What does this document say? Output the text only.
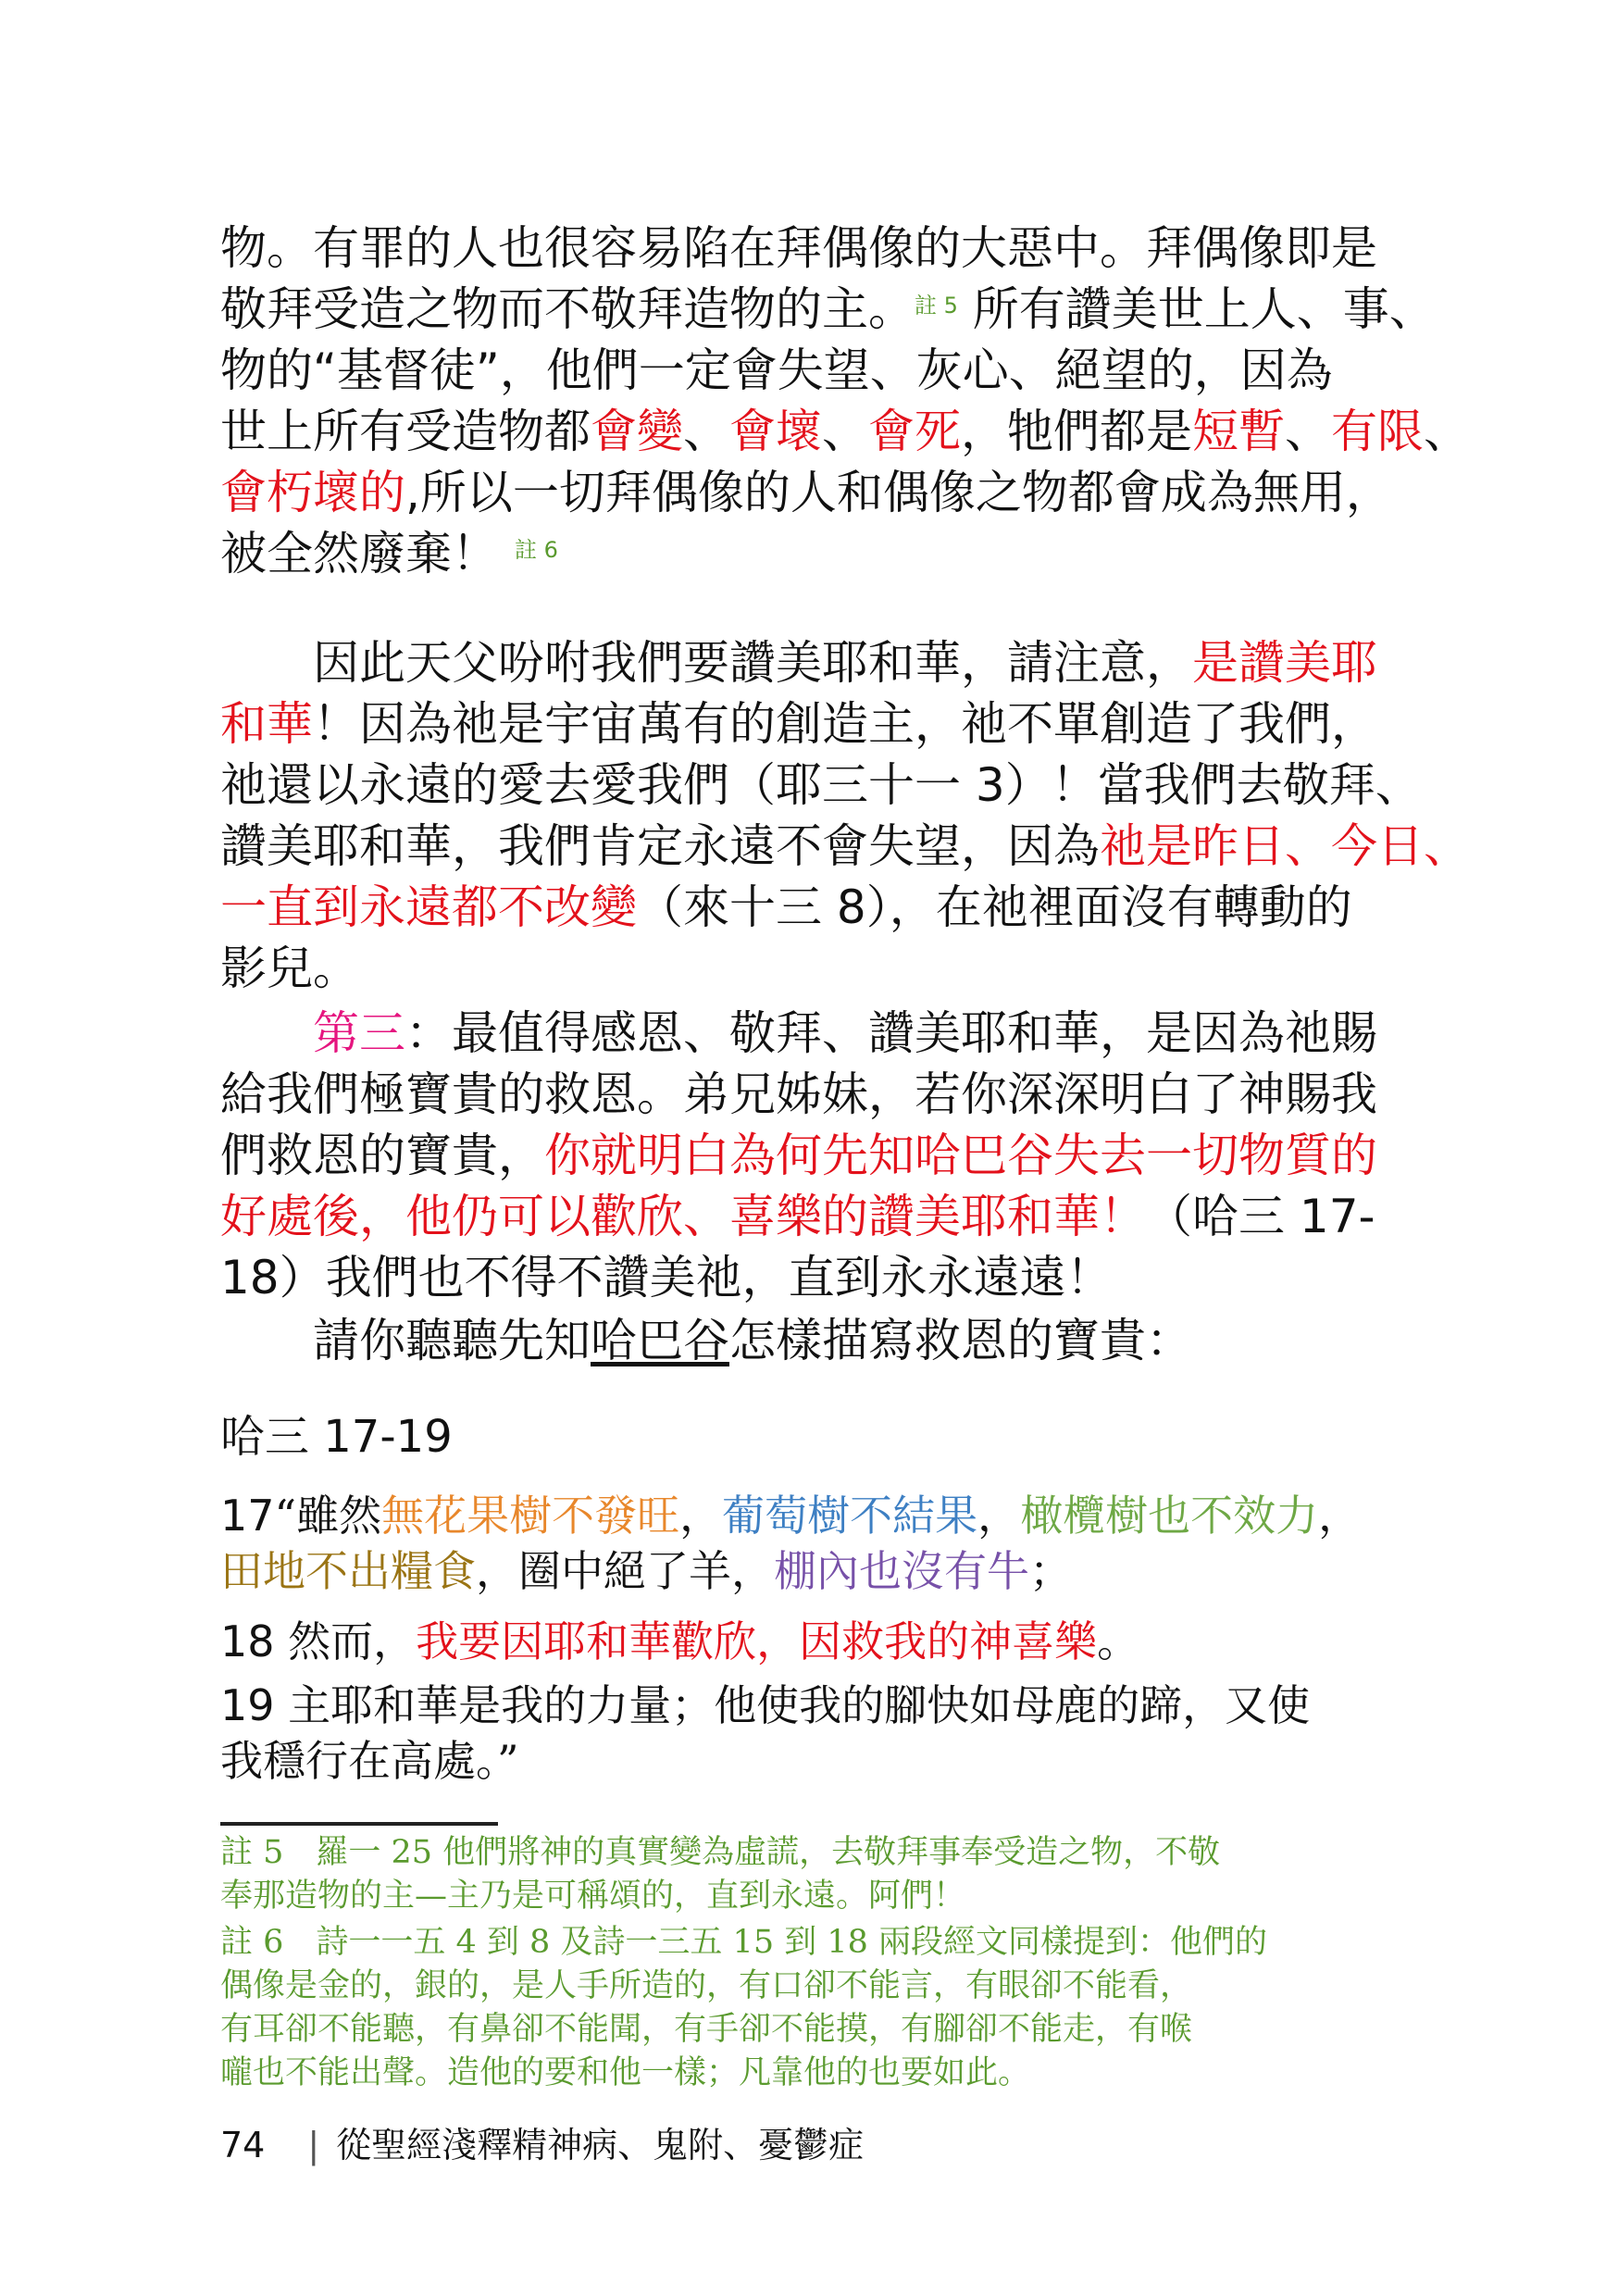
物。有罪的人也很容易陷在拜偶像的大惡中。拜偶像即是
敬拜受造之物而不敬拜造物的主。$^{註 5}$ 所有讚美世上人、事、
物的“基督徒”，他們一定會失望、灰心、絕望的，因為
世上所有受造物都會變、會壞、會死，牠們都是短暫、有限、
會朽壞的,所以一切拜偶像的人和偶像之物都會成為無用，
被全然廢棄！ $^{註 6}$
因此天父吩咐我們要讚美耶和華，請注意，是讚美耶
和華！因為祂是宇宙萬有的創造主，祂不單創造了我們，
祂還以永遠的愛去愛我們（耶三十一 3）！當我們去敬拜、
讚美耶和華，我們肯定永遠不會失望，因為祂是昨日、今日、
一直到永遠都不改變（來十三 8），在祂裡面沒有轉動的
影兒。
第三：最值得感恩、敬拜、讚美耶和華，是因為祂賜
給我們極寶貴的救恩。弟兄姊妹，若你深深明白了神賜我
們救恩的寶貴，你就明白為何先知哈巴谷失去一切物質的
好處後，他仍可以歡欣、喜樂的讚美耶和華！（哈三 17-
18）我們也不得不讚美祂，直到永永遠遠！
請你聽聽先知哈巴谷怎樣描寫救恩的寶貴：

哈三 17-19

17“雖然無花果樹不發旺，葡萄樹不結果，橄欖樹也不效力，
田地不出糧食，圈中絕了羊，棚內也沒有牛；
18 然而，我要因耶和華歡欣，因救我的神喜樂。
19 主耶和華是我的力量；他使我的腳快如母鹿的蹄，又使
我穩行在高處。”
註 5　羅一 25 他們將神的真實變為虛謊，去敬拜事奉受造之物，不敬
奉那造物的主—主乃是可稱頌的，直到永遠。阿們！
註 6　詩一一五 4 到 8 及詩一三五 15 到 18 兩段經文同樣提到：他們的
偶像是金的，銀的，是人手所造的，有口卻不能言，有眼卻不能看，
有耳卻不能聽，有鼻卻不能聞，有手卻不能摸，有腳卻不能走，有喉
嚨也不能出聲。造他的要和他一樣；凡靠他的也要如此。

74 | 從聖經淺釋精神病、鬼附、憂鬱症
